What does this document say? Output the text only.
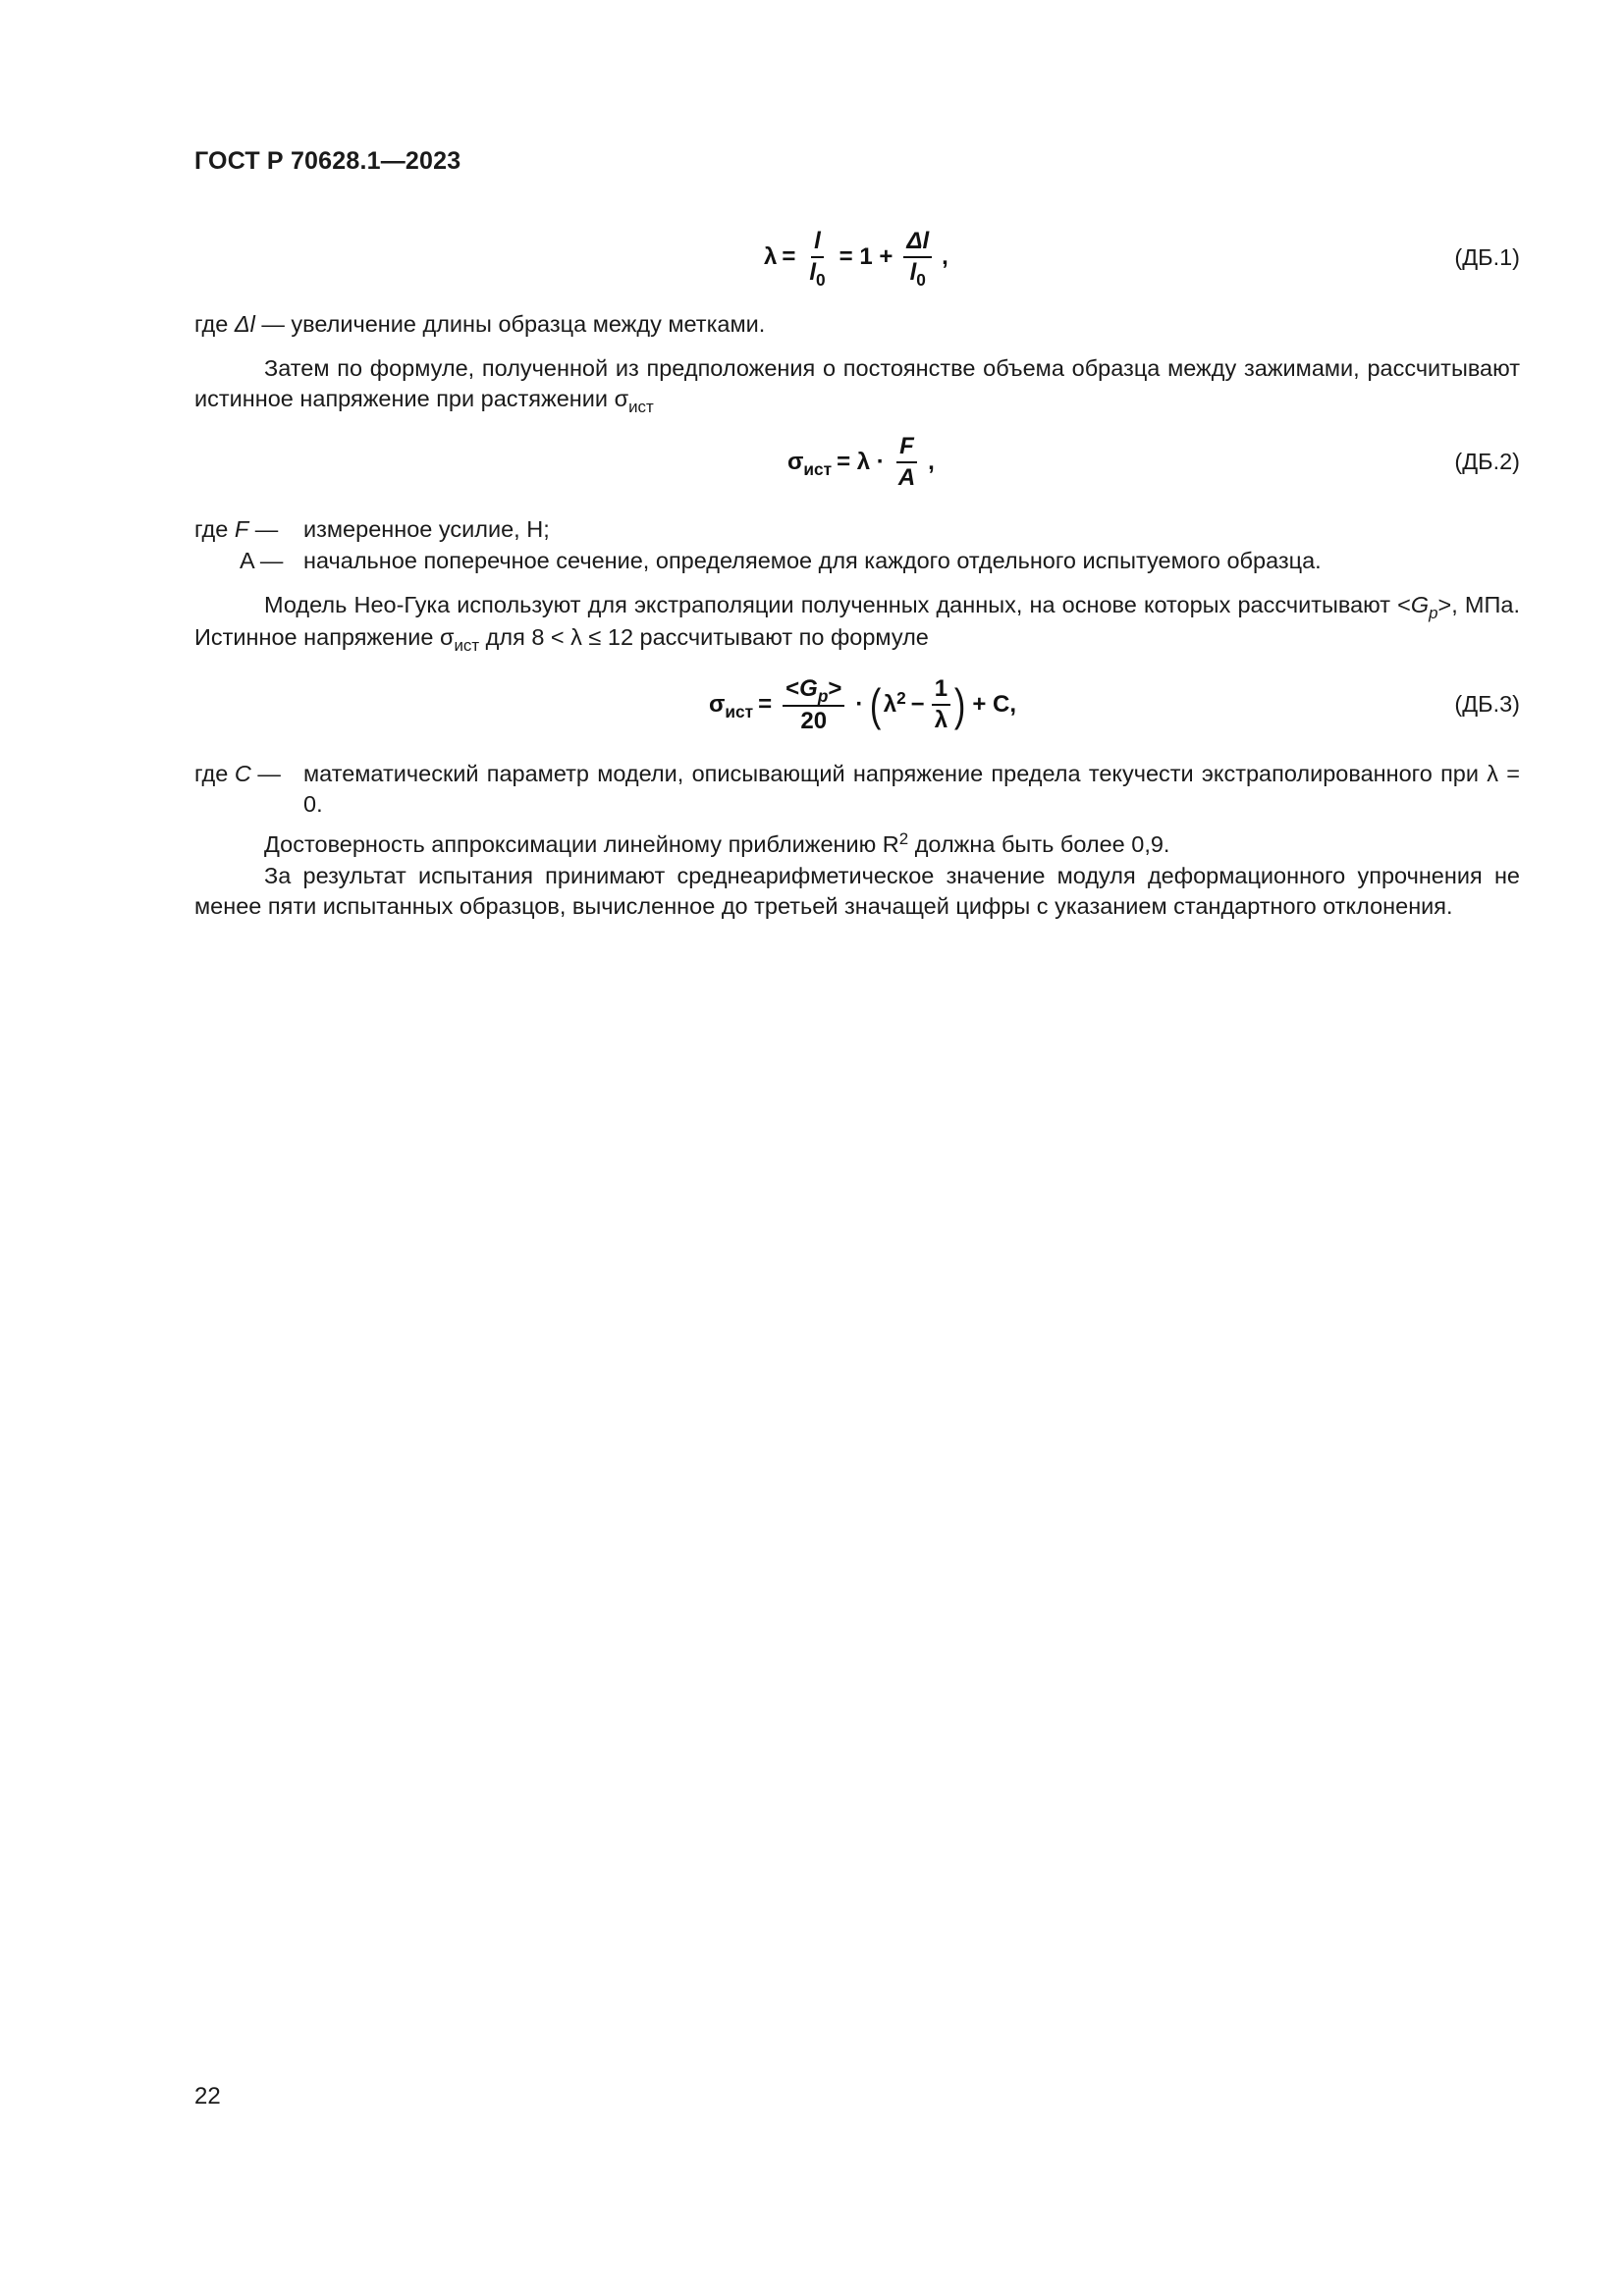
ГОСТ Р 70628.1—2023
$\lambda = \frac{l}{l_0} = 1 + \frac{\Delta l}{l_0}$ ,	(ДБ.1)
где Δl — увеличение длины образца между метками.
Затем по формуле, полученной из предположения о постоянстве объема образца между зажимами, рассчитывают истинное напряжение при растяжении $\sigma_{ист}$
$\sigma_{ист} = \lambda \cdot \frac{F}{A}$ ,	(ДБ.2)
где F —	измеренное усилие, Н;
A — начальное поперечное сечение, определяемое для каждого отдельного испытуемого образца.
Модель Нео-Гука используют для экстраполяции полученных данных, на основе которых рассчитывают $<G_p>$, МПа. Истинное напряжение $\sigma_{ист}$ для 8 < λ ≤ 12 рассчитывают по формуле
$\sigma_{ист} = \frac{<G_p>}{20}$ · ( $\lambda^2 - \frac{1}{\lambda}$ ) + C,	(ДБ.3)
где C — математический параметр модели, описывающий напряжение предела текучести экстраполированного при λ = 0.
Достоверность аппроксимации линейному приближению $R^2$ должна быть более 0,9.
За результат испытания принимают среднеарифметическое значение модуля деформационного упрочнения не менее пяти испытанных образцов, вычисленное до третьей значащей цифры с указанием стандартного отклонения.
22
